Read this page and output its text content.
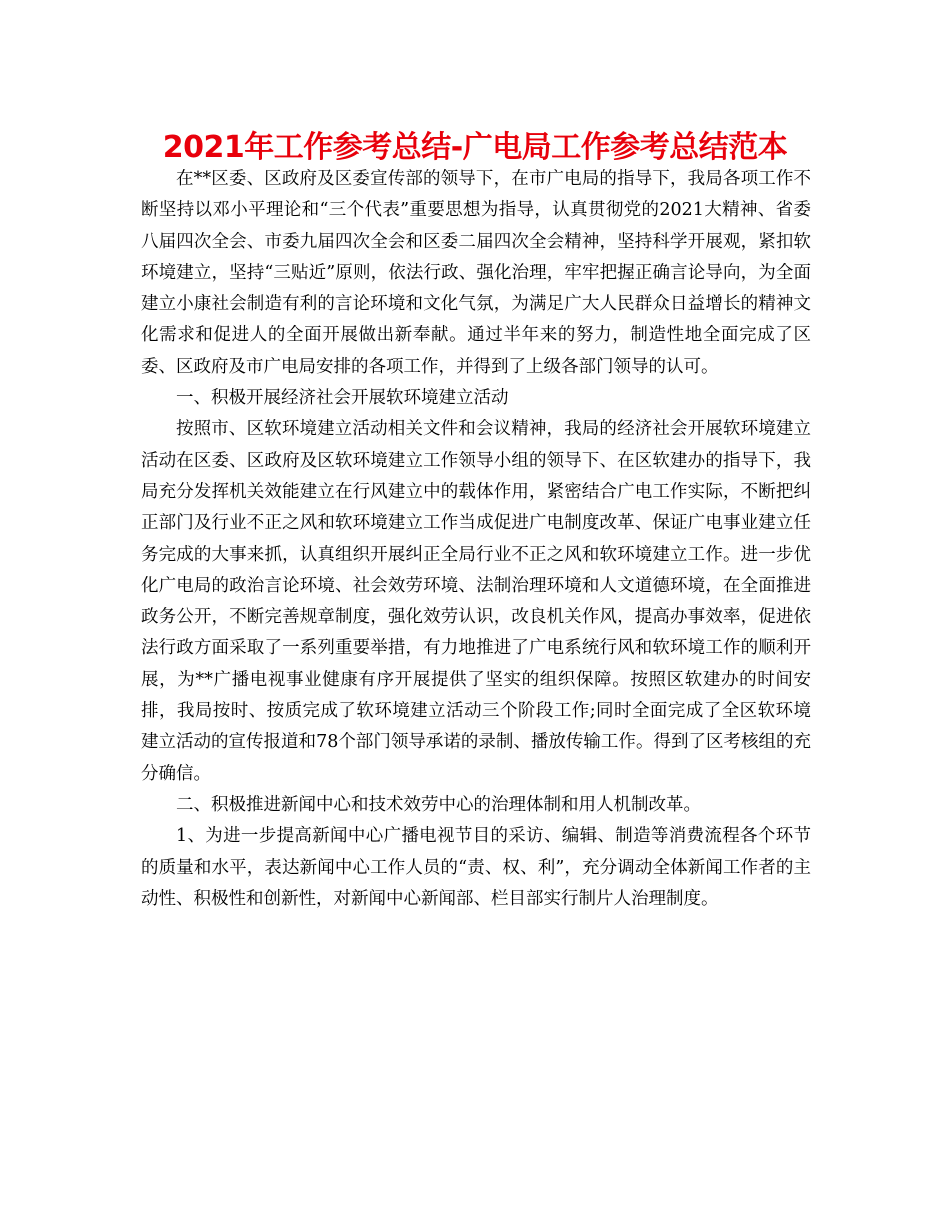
2021年工作参考总结-广电局工作参考总结范本

在**区委、区政府及区委宣传部的领导下，在市广电局的指导下，我局各项工作不断坚持以邓小平理论和“三个代表”重要思想为指导，认真贯彻党的2021大精神、省委八届四次全会、市委九届四次全会和区委二届四次全会精神，坚持科学开展观，紧扣软环境建立，坚持“三贴近”原则，依法行政、强化治理，牢牢把握正确言论导向，为全面建立小康社会制造有利的言论环境和文化气氛，为满足广大人民群众日益增长的精神文化需求和促进人的全面开展做出新奉献。通过半年来的努力，制造性地全面完成了区委、区政府及市广电局安排的各项工作，并得到了上级各部门领导的认可。

一、积极开展经济社会开展软环境建立活动

按照市、区软环境建立活动相关文件和会议精神，我局的经济社会开展软环境建立活动在区委、区政府及区软环境建立工作领导小组的领导下、在区软建办的指导下，我局充分发挥机关效能建立在行风建立中的载体作用，紧密结合广电工作实际，不断把纠正部门及行业不正之风和软环境建立工作当成促进广电制度改革、保证广电事业建立任务完成的大事来抓，认真组织开展纠正全局行业不正之风和软环境建立工作。进一步优化广电局的政治言论环境、社会效劳环境、法制治理环境和人文道德环境，在全面推进政务公开，不断完善规章制度，强化效劳认识，改良机关作风，提高办事效率，促进依法行政方面采取了一系列重要举措，有力地推进了广电系统行风和软环境工作的顺利开展，为**广播电视事业健康有序开展提供了坚实的组织保障。按照区软建办的时间安排，我局按时、按质完成了软环境建立活动三个阶段工作;同时全面完成了全区软环境建立活动的宣传报道和78个部门领导承诺的录制、播放传输工作。得到了区考核组的充分确信。

二、积极推进新闻中心和技术效劳中心的治理体制和用人机制改革。

1、为进一步提高新闻中心广播电视节目的采访、编辑、制造等消费流程各个环节的质量和水平，表达新闻中心工作人员的“责、权、利”，充分调动全体新闻工作者的主动性、积极性和创新性，对新闻中心新闻部、栏目部实行制片人治理制度。
